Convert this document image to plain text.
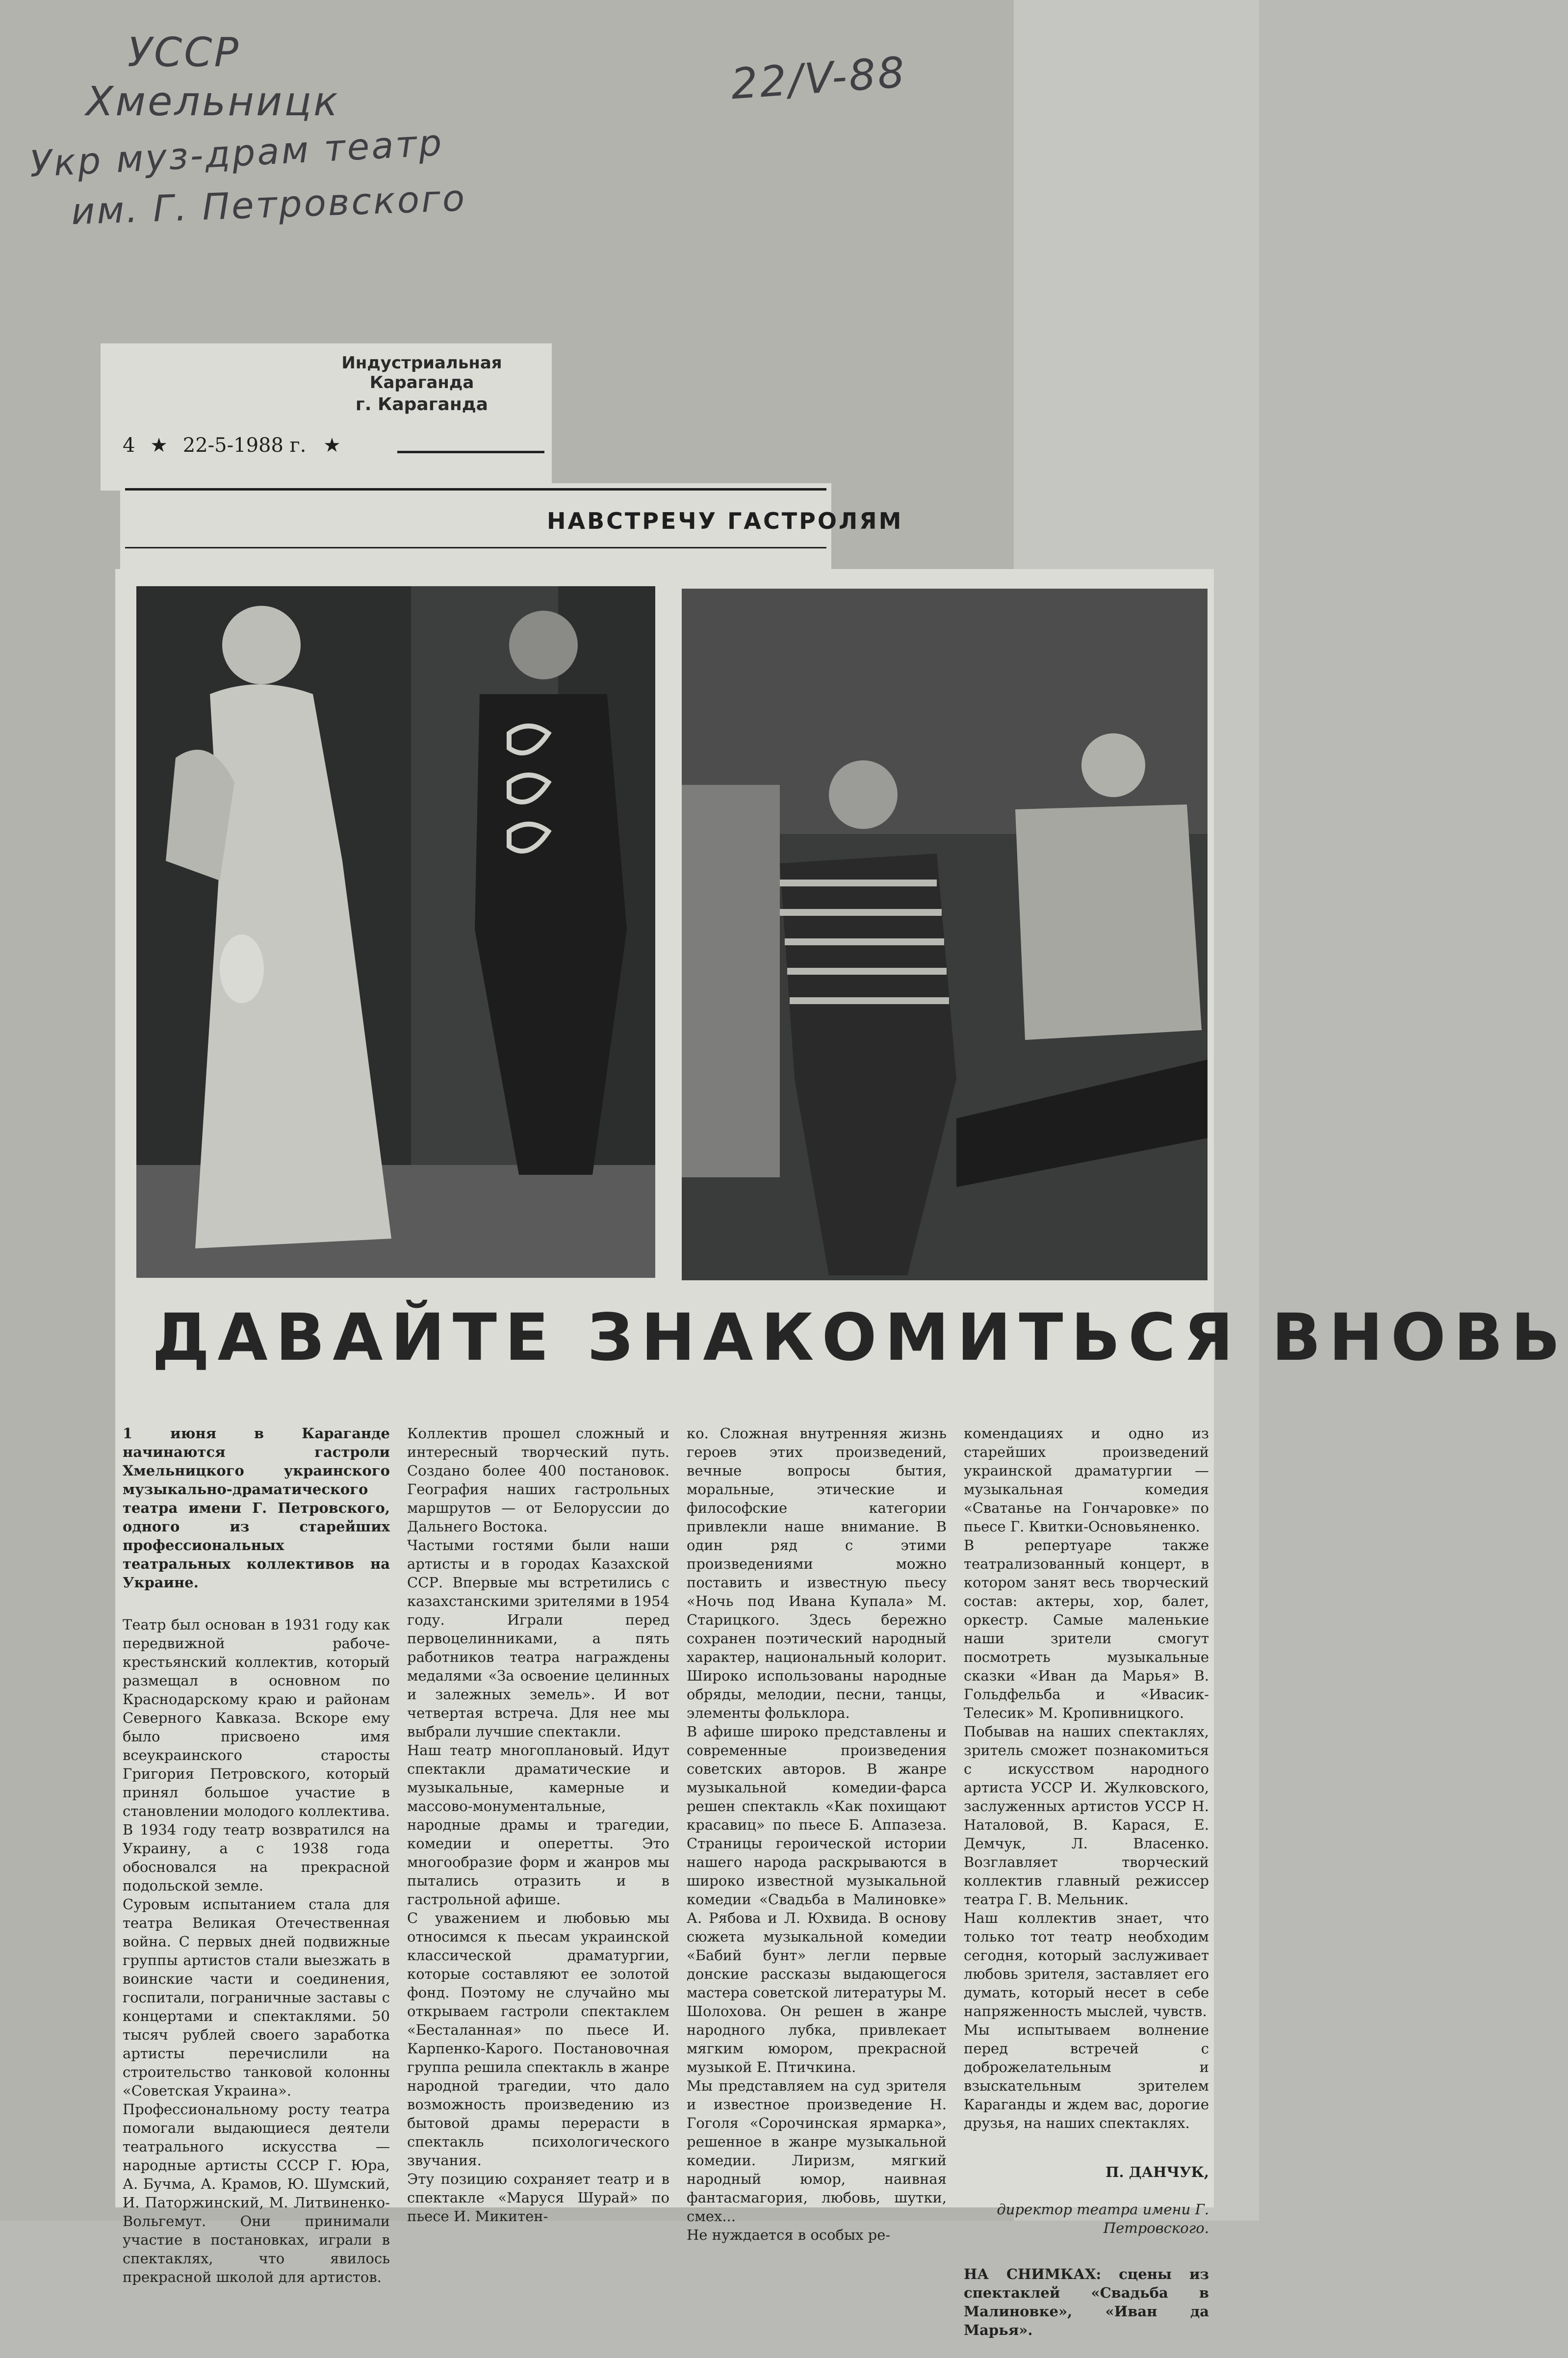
УССР
Хмельницк
Укр муз-драм театр
им. Г. Петровского
22/V-88
Индустриальная Караганда
г. Караганда
4 ★ 22-5-1988 г. ★
НАВСТРЕЧУ ГАСТРОЛЯМ
ДАВАЙТЕ ЗНАКОМИТЬСЯ ВНОВЬ

1 июня в Караганде начинаются гастроли Хмельницкого украинского музыкально-драматического театра имени Г. Петровского, одного из старейших профессиональных театральных коллективов на Украине.

Театр был основан в 1931 году как передвижной рабоче-крестьянский коллектив, который размещал в основном по Краснодарскому краю и районам Северного Кавказа. Вскоре ему было присвоено имя всеукраинского старосты Григория Петровского, который принял большое участие в становлении молодого коллектива. В 1934 году театр возвратился на Украину, а с 1938 года обосновался на прекрасной подольской земле.
Суровым испытанием стала для театра Великая Отечественная война. С первых дней подвижные группы артистов стали выезжать в воинские части и соединения, госпитали, пограничные заставы с концертами и спектаклями. 50 тысяч рублей своего заработка артисты перечислили на строительство танковой колонны «Советская Украина».
Профессиональному росту театра помогали выдающиеся деятели театрального искусства — народные артисты СССР Г. Юра, А. Бучма, А. Крамов, Ю. Шумский, И. Паторжинский, М. Литвиненко-Вольгемут. Они принимали участие в постановках, играли в спектаклях, что явилось прекрасной школой для артистов.

Коллектив прошел сложный и интересный творческий путь. Создано более 400 постановок. География наших гастрольных маршрутов — от Белоруссии до Дальнего Востока.
Частыми гостями были наши артисты и в городах Казахской ССР. Впервые мы встретились с казахстанскими зрителями в 1954 году. Играли перед первоцелинниками, а пять работников театра награждены медалями «За освоение целинных и залежных земель». И вот четвертая встреча. Для нее мы выбрали лучшие спектакли.
Наш театр многоплановый. Идут спектакли драматические и музыкальные, камерные и массово-монументальные, народные драмы и трагедии, комедии и оперетты. Это многообразие форм и жанров мы пытались отразить и в гастрольной афише.
С уважением и любовью мы относимся к пьесам украинской классической драматургии, которые составляют ее золотой фонд. Поэтому не случайно мы открываем гастроли спектаклем «Бесталанная» по пьесе И. Карпенко-Карого. Постановочная группа решила спектакль в жанре народной трагедии, что дало возможность произведению из бытовой драмы перерасти в спектакль психологического звучания.
Эту позицию сохраняет театр и в спектакле «Маруся Шурай» по пьесе И. Микитен-

ко. Сложная внутренняя жизнь героев этих произведений, вечные вопросы бытия, моральные, этические и философские категории привлекли наше внимание. В один ряд с этими произведениями можно поставить и известную пьесу «Ночь под Ивана Купала» М. Старицкого. Здесь бережно сохранен поэтический народный характер, национальный колорит. Широко использованы народные обряды, мелодии, песни, танцы, элементы фольклора.
В афише широко представлены и современные произведения советских авторов. В жанре музыкальной комедии-фарса решен спектакль «Как похищают красавиц» по пьесе Б. Аппазеза. Страницы героической истории нашего народа раскрываются в широко известной музыкальной комедии «Свадьба в Малиновке» А. Рябова и Л. Юхвида. В основу сюжета музыкальной комедии «Бабий бунт» легли первые донские рассказы выдающегося мастера советской литературы М. Шолохова. Он решен в жанре народного лубка, привлекает мягким юмором, прекрасной музыкой Е. Птичкина.
Мы представляем на суд зрителя и известное произведение Н. Гоголя «Сорочинская ярмарка», решенное в жанре музыкальной комедии. Лиризм, мягкий народный юмор, наивная фантасмагория, любовь, шутки, смех...
Не нуждается в особых ре-

комендациях и одно из старейших произведений украинской драматургии — музыкальная комедия «Сватанье на Гончаровке» по пьесе Г. Квитки-Основьяненко.
В репертуаре также театрализованный концерт, в котором занят весь творческий состав: актеры, хор, балет, оркестр. Самые маленькие наши зрители смогут посмотреть музыкальные сказки «Иван да Марья» В. Гольдфельба и «Ивасик-Телесик» М. Кропивницкого.
Побывав на наших спектаклях, зритель сможет познакомиться с искусством народного артиста УССР И. Жулковского, заслуженных артистов УССР Н. Наталовой, В. Карася, Е. Демчук, Л. Власенко. Возглавляет творческий коллектив главный режиссер театра Г. В. Мельник.
Наш коллектив знает, что только тот театр необходим сегодня, который заслуживает любовь зрителя, заставляет его думать, который несет в себе напряженность мыслей, чувств.
Мы испытываем волнение перед встречей с доброжелательным и взыскательным зрителем Караганды и ждем вас, дорогие друзья, на наших спектаклях.

П. ДАНЧУК,

директор театра имени Г. Петровского.

НА СНИМКАХ: сцены из спектаклей «Свадьба в Малиновке», «Иван да Марья».
